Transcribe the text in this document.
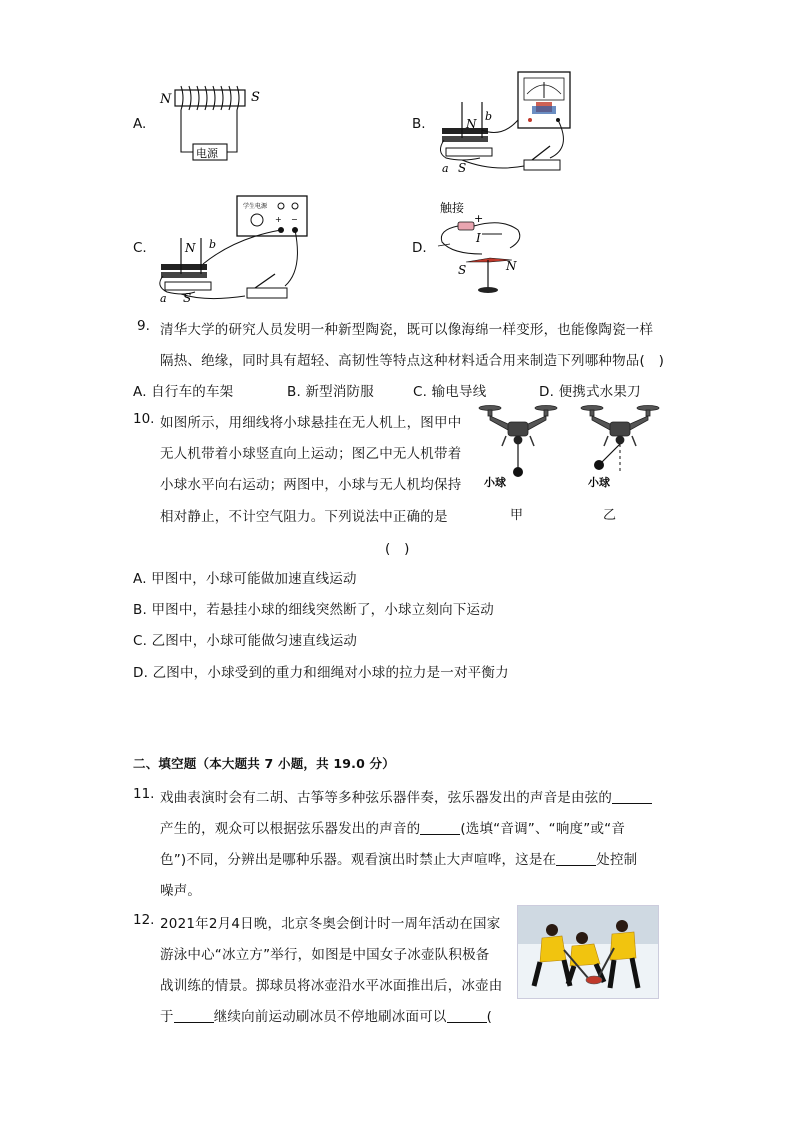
A.
N	S
电源
B.	N
S
a
b
C.
学生电源
+ −
N
S
a
b	D.
触接
+
I
S	N
9. 清华大学的研究人员发明一种新型陶瓷，既可以像海绵一样变形，也能像陶瓷一样
隔热、绝缘，同时具有超轻、高韧性等特点这种材料适合用来制造下列哪种物品(　)
A. 自行车的车架	B. 新型消防服	C. 输电导线	D. 便携式水果刀
10. 如图所示，用细线将小球悬挂在无人机上，图甲中
无人机带着小球竖直向上运动；图乙中无人机带着
小球水平向右运动；两图中，小球与无人机均保持
相对静止，不计空气阻力。下列说法中正确的是
(　)
小球
甲
小球
乙
A. 甲图中，小球可能做加速直线运动
B. 甲图中，若悬挂小球的细线突然断了，小球立刻向下运动
C. 乙图中，小球可能做匀速直线运动
D. 乙图中，小球受到的重力和细绳对小球的拉力是一对平衡力
二、填空题（本大题共 7 小题，共 19.0 分）
11. 戏曲表演时会有二胡、古筝等多种弦乐器伴奏，弦乐器发出的声音是由弦的
产生的，观众可以根据弦乐器发出的声音的	(选填“音调”、“响度”或“音
色”)不同，分辨出是哪种乐器。观看演出时禁止大声喧哗，这是在	处控制
噪声。
12. 2021年2月4日晚，北京冬奥会倒计时一周年活动在国家
游泳中心“冰立方”举行，如图是中国女子冰壶队积极备
战训练的情景。掷球员将冰壶沿水平冰面推出后，冰壶由
于	继续向前运动刷冰员不停地刷冰面可以	(
